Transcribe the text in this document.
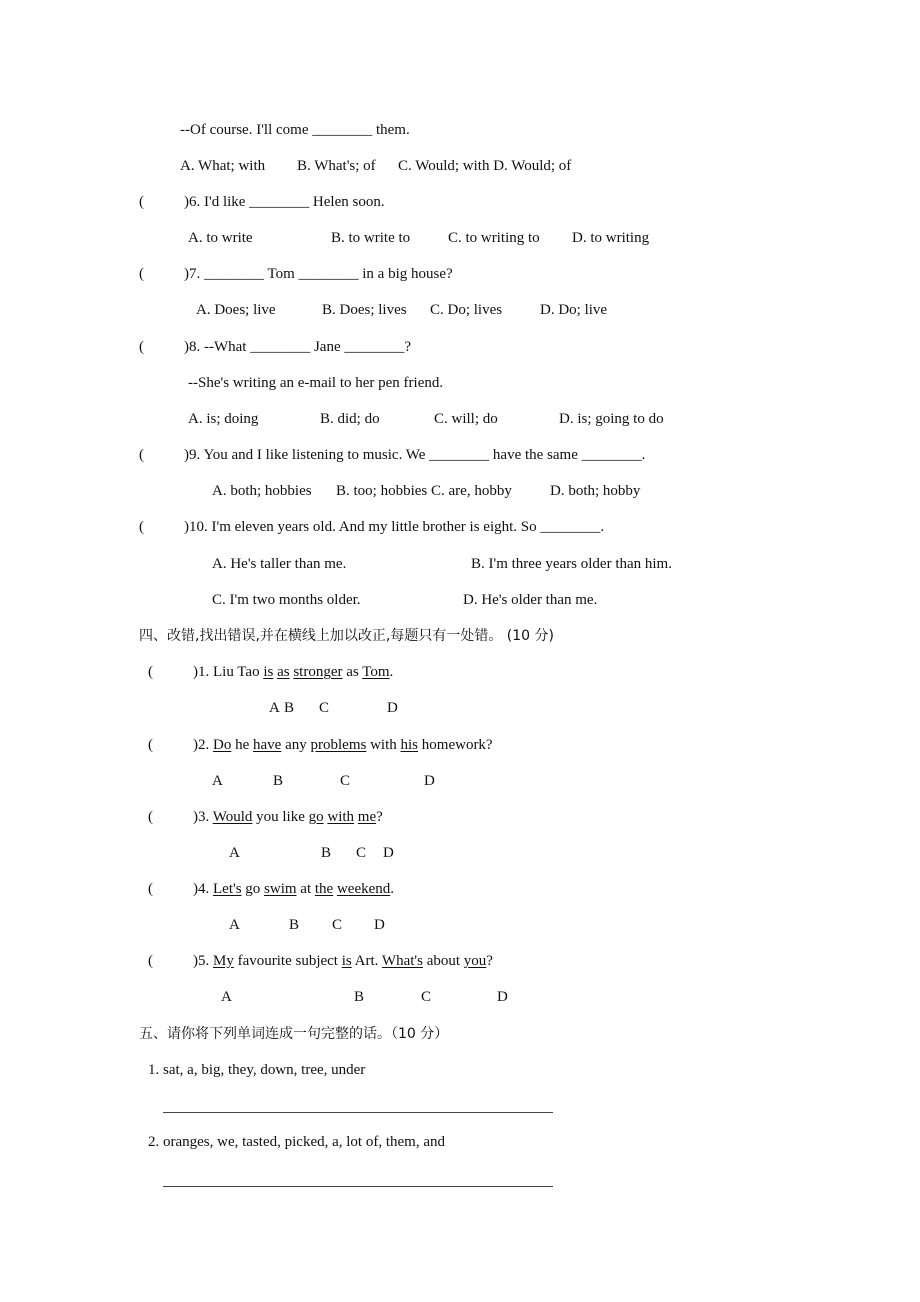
--Of course. I'll come ________ them.
A. What; with B. What's; of C. Would; with D. Would; of
(	)6. I'd like ________ Helen soon.
A. to write	B. to write to	C. to writing to D. to writing
(	)7. ________ Tom ________ in a big house?
A. Does; live	B. Does; lives C. Do; lives	D. Do; live
(	)8. --What ________ Jane ________?
--She's writing an e-mail to her pen friend.
A. is; doing	B. did; do	C. will; do	D. is; going to do
(	)9. You and I like listening to music. We ________ have the same ________.
A. both; hobbies B. too; hobbies C. are, hobby	D. both; hobby
(	)10. I'm eleven years old. And my little brother is eight. So ________.
A. He's taller than me.	B. I'm three years older than him.
C. I'm two months older.	D. He's older than me.
四、改错,找出错误,并在横线上加以改正,每题只有一处错。 (10 分)
(	)1. Liu Tao is as stronger as Tom.
A B C	D
(	)2. Do he have any problems with his homework?
A	B	C	D
(	)3. Would you like go with me?
A	B C D
(	)4. Let's go swim at the weekend.
A	B C D
(	)5. My favourite subject is Art. What's about you?
A	B	C	D
五、请你将下列单词连成一句完整的话。（10 分）
1. sat, a, big, they, down, tree, under
2. oranges, we, tasted, picked, a, lot of, them, and
